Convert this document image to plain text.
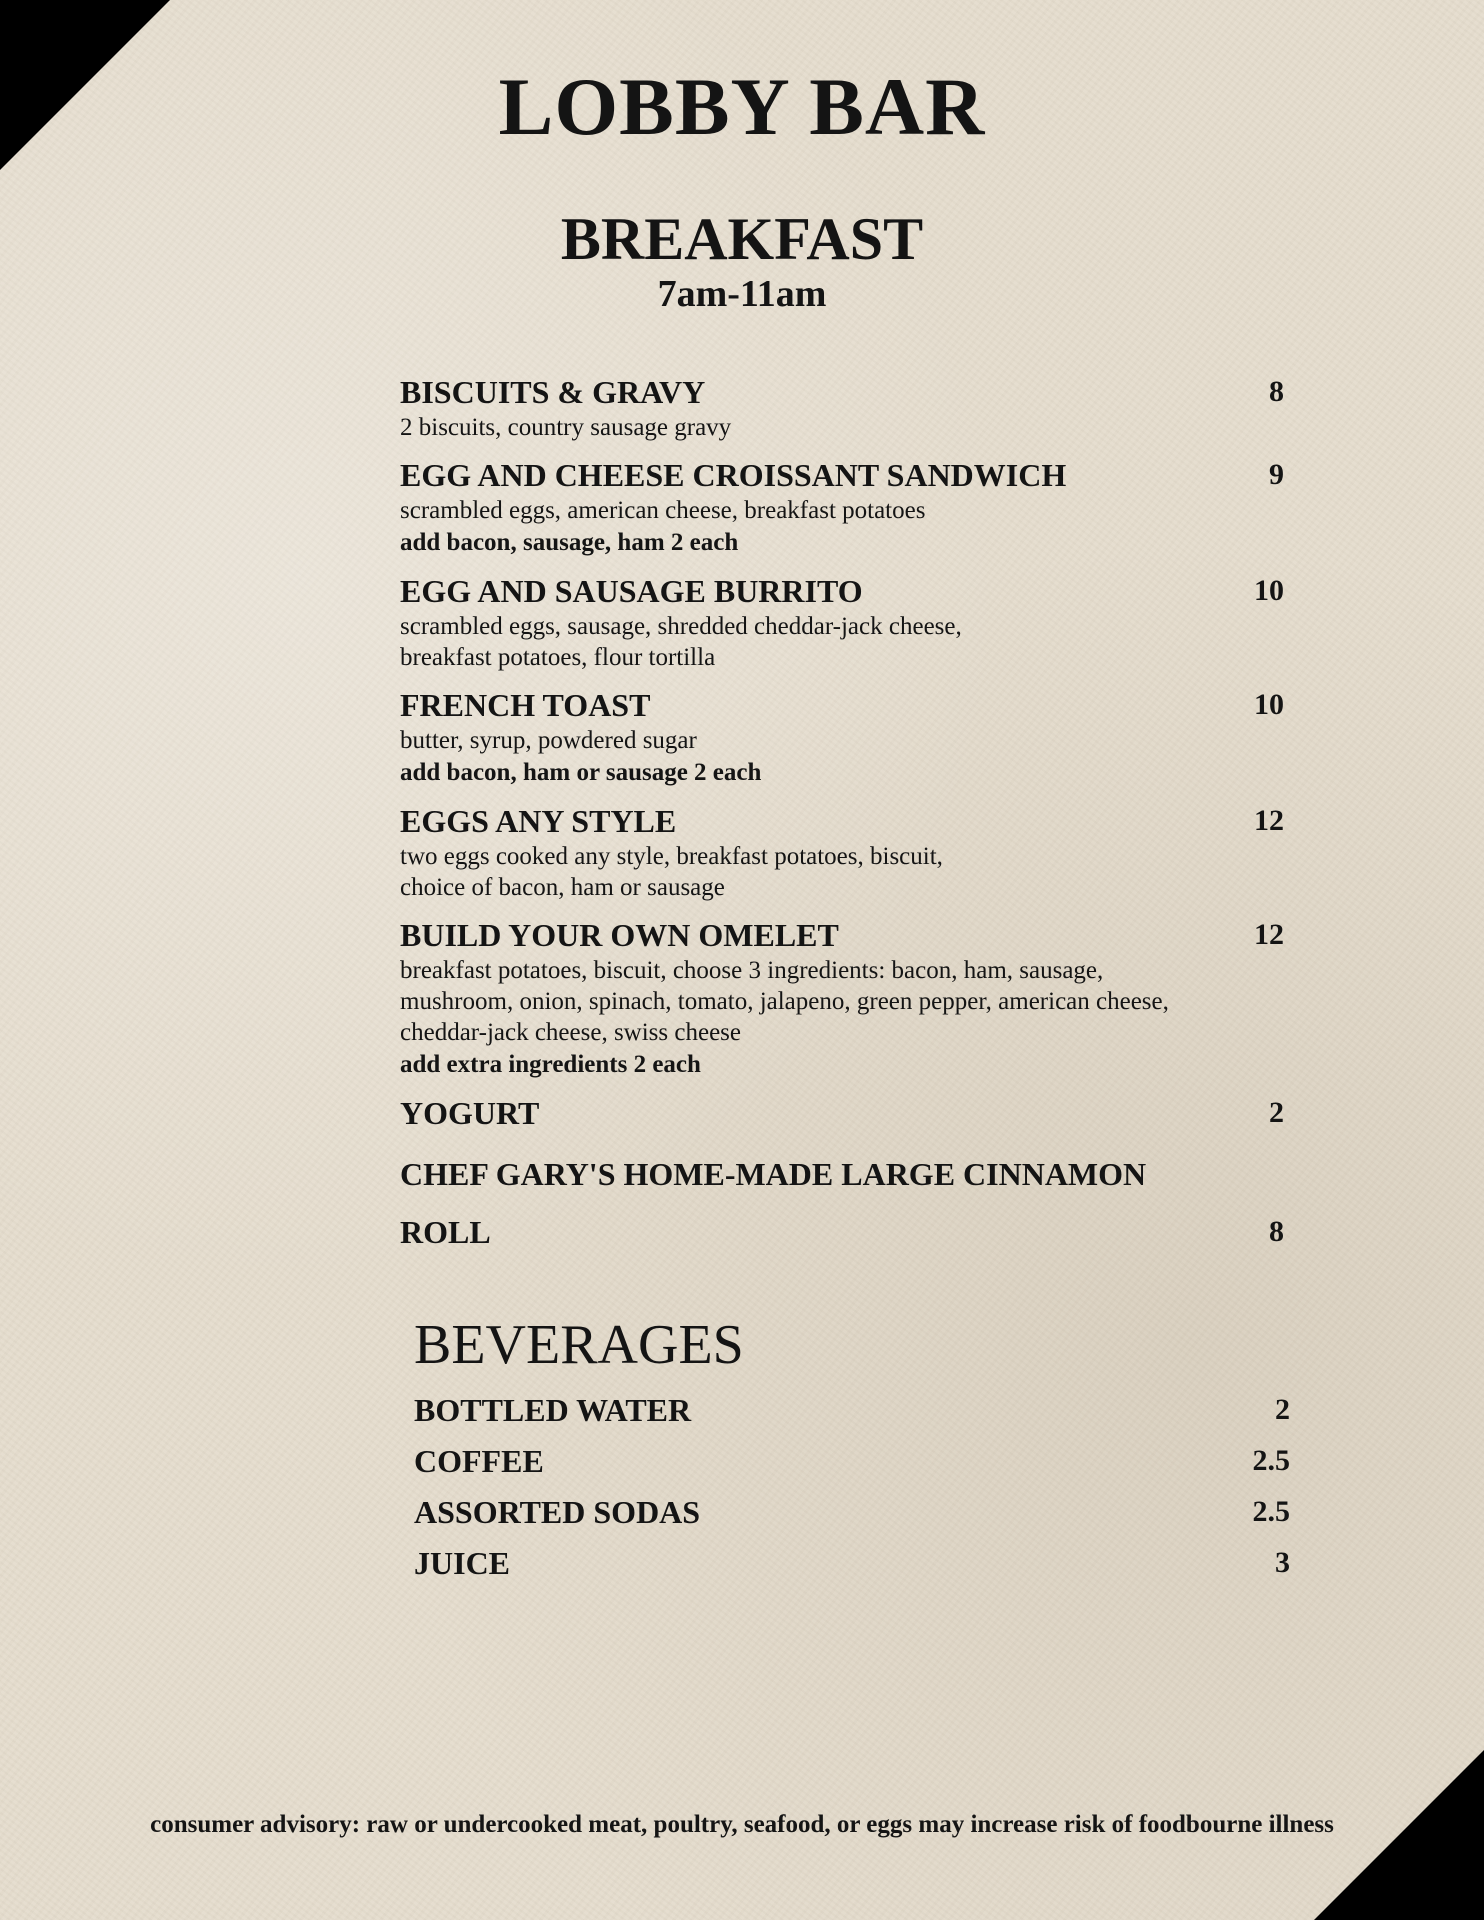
LOBBY BAR
BREAKFAST
7am-11am
BISCUITS & GRAVY	8
2 biscuits, country sausage gravy
EGG AND CHEESE CROISSANT SANDWICH	9
scrambled eggs, american cheese, breakfast potatoes
add bacon, sausage, ham 2 each
EGG AND SAUSAGE BURRITO	10
scrambled eggs, sausage, shredded cheddar-jack cheese,
breakfast potatoes, flour tortilla
FRENCH TOAST	10
butter, syrup, powdered sugar
add bacon, ham or sausage 2 each
EGGS ANY STYLE	12
two eggs cooked any style, breakfast potatoes, biscuit,
choice of bacon, ham or sausage
BUILD YOUR OWN OMELET	12
breakfast potatoes, biscuit, choose 3 ingredients: bacon, ham, sausage,
mushroom, onion, spinach, tomato, jalapeno, green pepper, american cheese,
cheddar-jack cheese, swiss cheese
add extra ingredients 2 each
YOGURT	2
CHEF GARY'S HOME-MADE LARGE CINNAMON ROLL	8
BEVERAGES
BOTTLED WATER	2
COFFEE	2.5
ASSORTED SODAS	2.5
JUICE	3
consumer advisory: raw or undercooked meat, poultry, seafood, or eggs may increase risk of foodbourne illness
